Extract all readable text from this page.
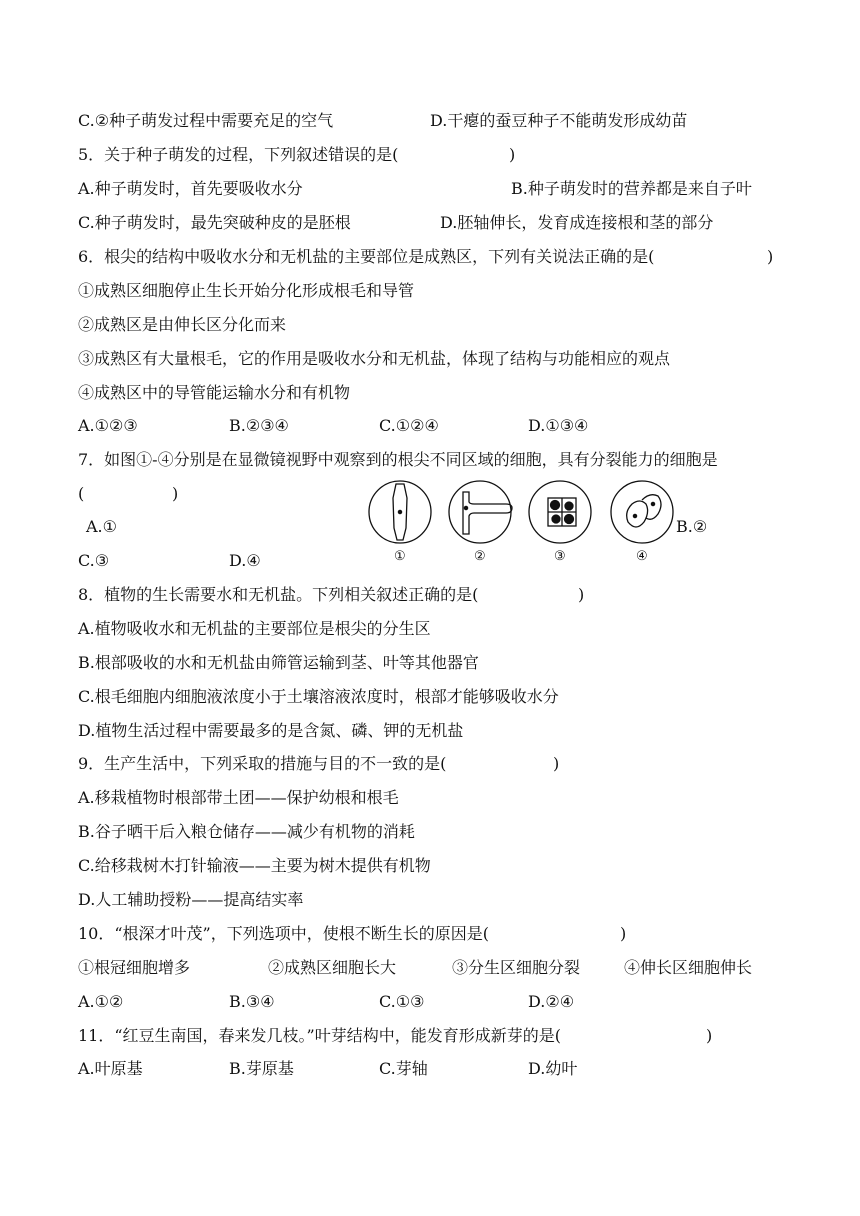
C.②种子萌发过程中需要充足的空气	D.干瘪的蚕豆种子不能萌发形成幼苗
5．关于种子萌发的过程，下列叙述错误的是(	)
A.种子萌发时，首先要吸收水分	B.种子萌发时的营养都是来自子叶
C.种子萌发时，最先突破种皮的是胚根	D.胚轴伸长，发育成连接根和茎的部分
6．根尖的结构中吸收水分和无机盐的主要部位是成熟区，下列有关说法正确的是(	)
①成熟区细胞停止生长开始分化形成根毛和导管
②成熟区是由伸长区分化而来
③成熟区有大量根毛，它的作用是吸收水分和无机盐，体现了结构与功能相应的观点
④成熟区中的导管能运输水分和有机物
A.①②③	B.②③④	C.①②④	D.①③④
7．如图①-④分别是在显微镜视野中观察到的根尖不同区域的细胞，具有分裂能力的细胞是
(	)
A.①	B.②
C.③	D.④	①	②	③	④
8．植物的生长需要水和无机盐。下列相关叙述正确的是(	)
A.植物吸收水和无机盐的主要部位是根尖的分生区
B.根部吸收的水和无机盐由筛管运输到茎、叶等其他器官
C.根毛细胞内细胞液浓度小于土壤溶液浓度时，根部才能够吸收水分
D.植物生活过程中需要最多的是含氮、磷、钾的无机盐
9．生产生活中，下列采取的措施与目的不一致的是(	)
A.移栽植物时根部带土团——保护幼根和根毛
B.谷子晒干后入粮仓储存——减少有机物的消耗
C.给移栽树木打针输液——主要为树木提供有机物
D.人工辅助授粉——提高结实率
10．“根深才叶茂”，下列选项中，使根不断生长的原因是(	)
①根冠细胞增多	②成熟区细胞长大	③分生区细胞分裂	④伸长区细胞伸长
A.①②	B.③④	C.①③	D.②④
11．“红豆生南国，春来发几枝。”叶芽结构中，能发育形成新芽的是(	)
A.叶原基	B.芽原基	C.芽轴	D.幼叶
